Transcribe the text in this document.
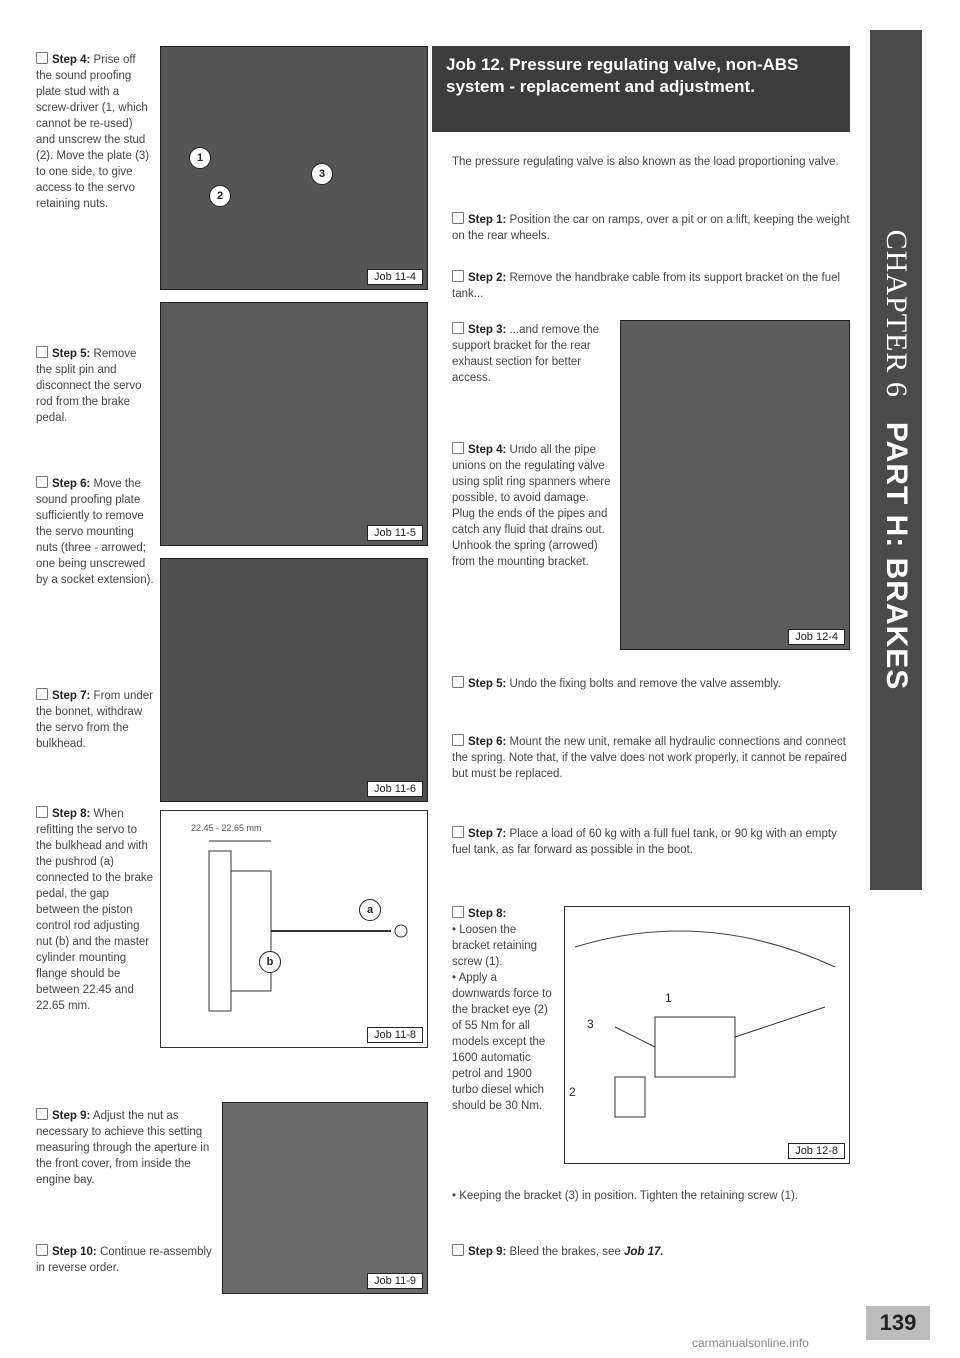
Step 4: Prise off the sound proofing plate stud with a screw-driver (1, which cannot be re-used) and unscrew the stud (2). Move the plate (3) to one side, to give access to the servo retaining nuts.
Step 5: Remove the split pin and disconnect the servo rod from the brake pedal.
Step 6: Move the sound proofing plate sufficiently to remove the servo mounting nuts (three - arrowed; one being unscrewed by a socket extension).
Step 7: From under the bonnet, withdraw the servo from the bulkhead.
Step 8: When refitting the servo to the bulkhead and with the pushrod (a) connected to the brake pedal, the gap between the piston control rod adjusting nut (b) and the master cylinder mounting flange should be between 22.45 and 22.65 mm.
Step 9: Adjust the nut as necessary to achieve this setting measuring through the aperture in the front cover, from inside the engine bay.
Step 10: Continue re-assembly in reverse order.
1
2
3
Job 11-4
Job 11-5
Job 11-6
22.45 - 22.65 mm
a
b
Job 11-8
Job 11-9
Job 12. Pressure regulating valve, non-ABS system - replacement and adjustment.
The pressure regulating valve is also known as the load proportioning valve.
Step 1: Position the car on ramps, over a pit or on a lift, keeping the weight on the rear wheels.
Step 2: Remove the handbrake cable from its support bracket on the fuel tank...
Step 3: ...and remove the support bracket for the rear exhaust section for better access.
Step 4: Undo all the pipe unions on the regulating valve using split ring spanners where possible, to avoid damage. Plug the ends of the pipes and catch any fluid that drains out. Unhook the spring (arrowed) from the mounting bracket.
Job 12-4
Step 5: Undo the fixing bolts and remove the valve assembly.
Step 6: Mount the new unit, remake all hydraulic connections and connect the spring. Note that, if the valve does not work properly, it cannot be repaired but must be replaced.
Step 7: Place a load of 60 kg with a full fuel tank, or 90 kg with an empty fuel tank, as far forward as possible in the boot.
Step 8:
• Loosen the bracket retaining screw (1).
• Apply a downwards force to the bracket eye (2) of 55 Nm for all models except the 1600 automatic petrol and 1900 turbo diesel which should be 30 Nm.
• Keeping the bracket (3) in position. Tighten the retaining screw (1).
1
3
2
Job 12-8
Step 9: Bleed the brakes, see Job 17.
CHAPTER 6PART H: BRAKES
139
carmanualsonline.info
